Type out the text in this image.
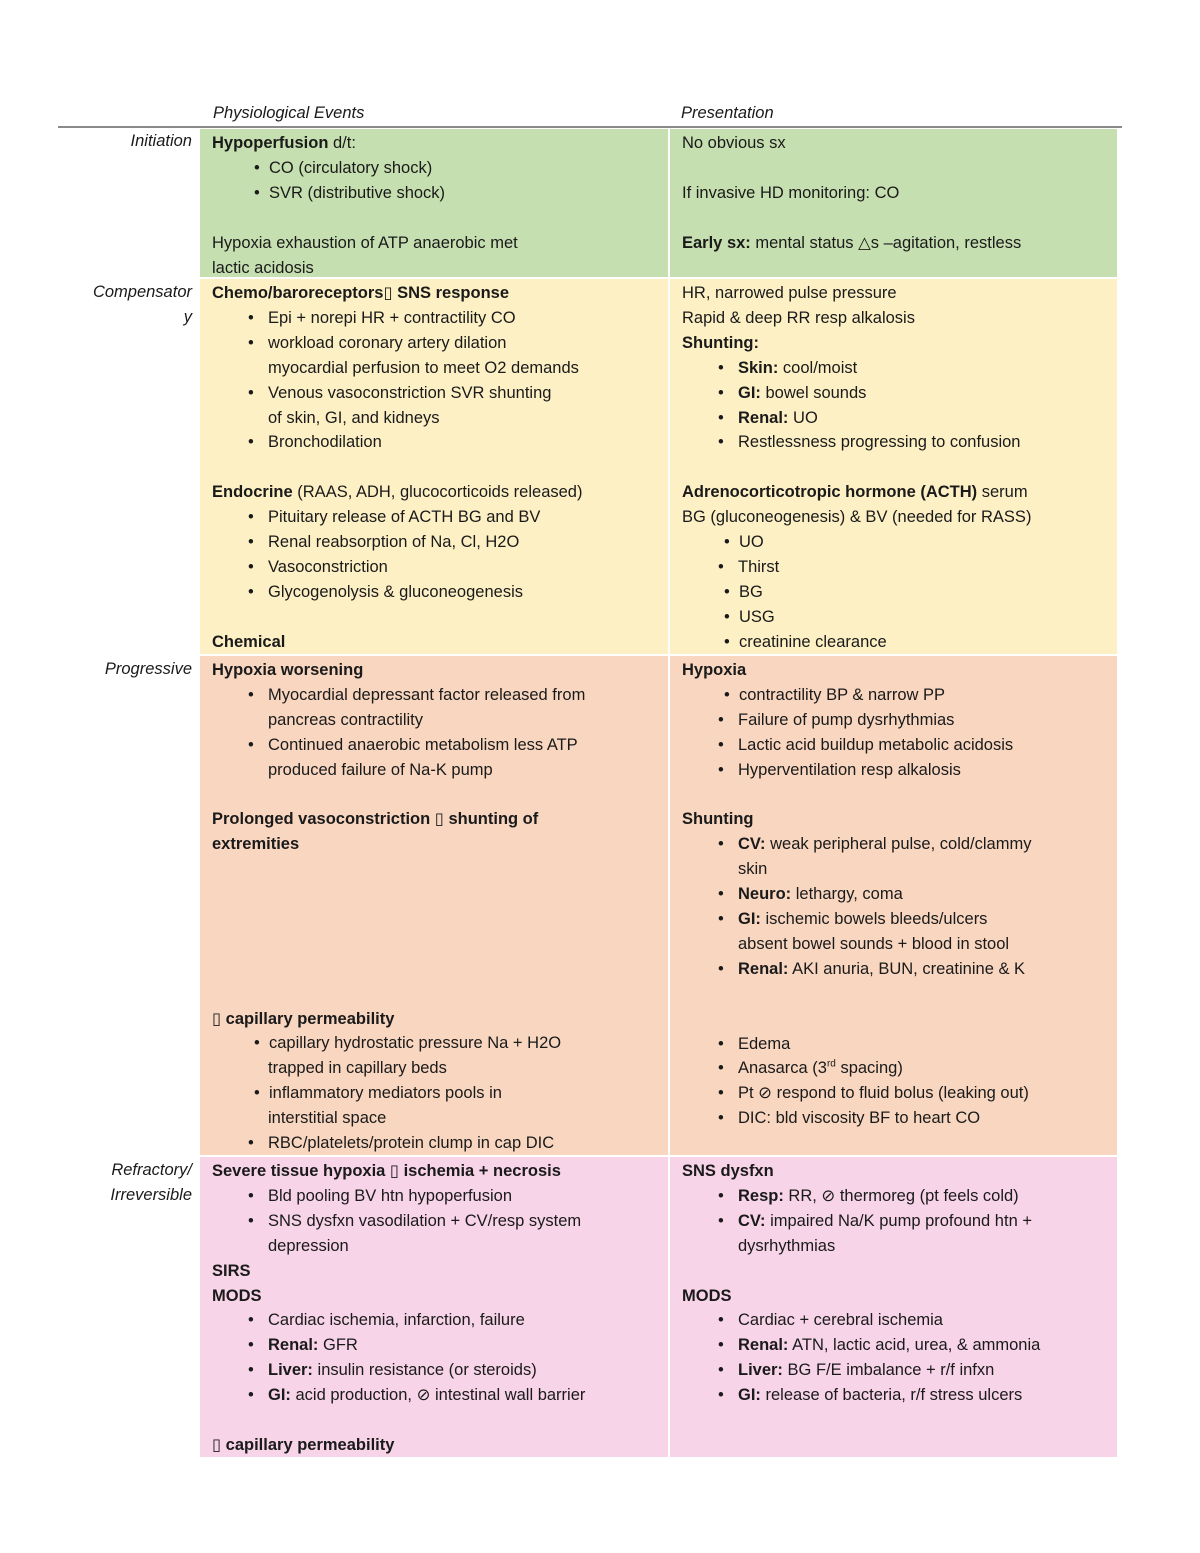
Physiological Events	Presentation
Initiation
Compensator
y
Progressive
Refractory/
Irreversible
Hypoperfusion d/t:
• CO (circulatory shock)
• SVR (distributive shock)
Hypoxia exhaustion of ATP anaerobic met
lactic acidosis
No obvious sx
If invasive HD monitoring: CO
Early sx: mental status △s –agitation, restless
Chemo/baroreceptors▯ SNS response
• Epi + norepi HR + contractility CO
• workload coronary artery dilation
myocardial perfusion to meet O2 demands
• Venous vasoconstriction SVR shunting
of skin, GI, and kidneys
• Bronchodilation
Endocrine (RAAS, ADH, glucocorticoids released)
• Pituitary release of ACTH BG and BV
• Renal reabsorption of Na, Cl, H2O
• Vasoconstriction
• Glycogenolysis & gluconeogenesis
Chemical
HR, narrowed pulse pressure
Rapid & deep RR resp alkalosis
Shunting:
• Skin: cool/moist
• GI: bowel sounds
• Renal: UO
• Restlessness progressing to confusion
Adrenocorticotropic hormone (ACTH) serum
BG (gluconeogenesis) & BV (needed for RASS)
• UO
• Thirst
• BG
• USG
• creatinine clearance
Hypoxia worsening
• Myocardial depressant factor released from
pancreas contractility
• Continued anaerobic metabolism less ATP
produced failure of Na-K pump
Prolonged vasoconstriction ▯ shunting of
extremities
▯ capillary permeability
• capillary hydrostatic pressure Na + H2O
trapped in capillary beds
• inflammatory mediators pools in
interstitial space
• RBC/platelets/protein clump in cap DIC
Hypoxia
• contractility BP & narrow PP
• Failure of pump dysrhythmias
• Lactic acid buildup metabolic acidosis
• Hyperventilation resp alkalosis
Shunting
• CV: weak peripheral pulse, cold/clammy
skin
• Neuro: lethargy, coma
• GI: ischemic bowels bleeds/ulcers
absent bowel sounds + blood in stool
• Renal: AKI anuria, BUN, creatinine & K
• Edema
• Anasarca (3rd spacing)
• Pt ⊘ respond to fluid bolus (leaking out)
• DIC: bld viscosity BF to heart CO
Severe tissue hypoxia ▯ ischemia + necrosis
• Bld pooling BV htn hypoperfusion
• SNS dysfxn vasodilation + CV/resp system
depression
SIRS
MODS
• Cardiac ischemia, infarction, failure
• Renal: GFR
• Liver: insulin resistance (or steroids)
• GI: acid production, ⊘ intestinal wall barrier
▯ capillary permeability
SNS dysfxn
• Resp: RR, ⊘ thermoreg (pt feels cold)
• CV: impaired Na/K pump profound htn +
dysrhythmias
MODS
• Cardiac + cerebral ischemia
• Renal: ATN, lactic acid, urea, & ammonia
• Liver: BG F/E imbalance + r/f infxn
• GI: release of bacteria, r/f stress ulcers
